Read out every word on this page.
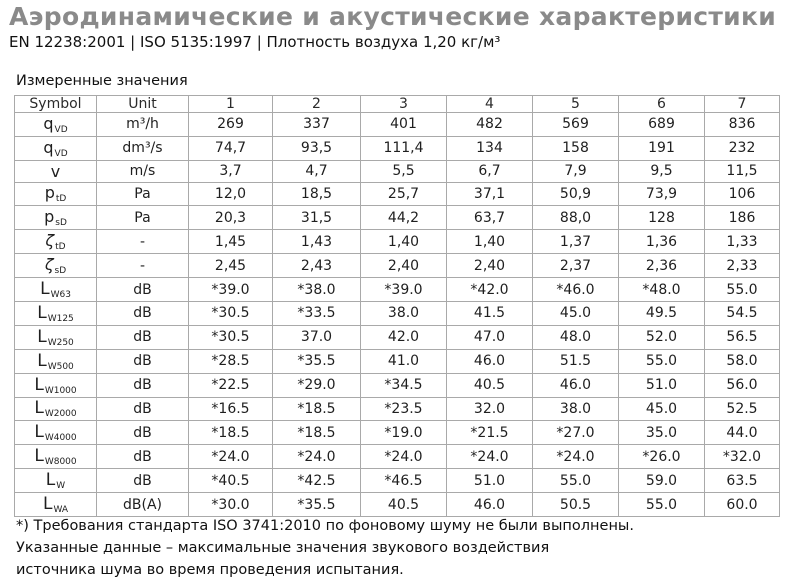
Аэродинамические и акустические характеристики
EN 12238:2001 | ISO 5135:1997 | Плотность воздуха 1,20 кг/м³
Измеренные значения
Symbol	Unit	1	2	3	4	5	6	7
$q_{VD}$	m³/h	269	337	401	482	569	689	836
$q_{VD}$	dm³/s	74,7	93,5	111,4	134	158	191	232
v	m/s	3,7	4,7	5,5	6,7	7,9	9,5	11,5
$p_{tD}$	Pa	12,0	18,5	25,7	37,1	50,9	73,9	106
$p_{sD}$	Pa	20,3	31,5	44,2	63,7	88,0	128	186
$\zeta_{tD}$	-	1,45	1,43	1,40	1,40	1,37	1,36	1,33
$\zeta_{sD}$	-	2,45	2,43	2,40	2,40	2,37	2,36	2,33
$L_{W63}$	dB	*39.0	*38.0	*39.0	*42.0	*46.0	*48.0	55.0
$L_{W125}$	dB	*30.5	*33.5	38.0	41.5	45.0	49.5	54.5
$L_{W250}$	dB	*30.5	37.0	42.0	47.0	48.0	52.0	56.5
$L_{W500}$	dB	*28.5	*35.5	41.0	46.0	51.5	55.0	58.0
$L_{W1000}$	dB	*22.5	*29.0	*34.5	40.5	46.0	51.0	56.0
$L_{W2000}$	dB	*16.5	*18.5	*23.5	32.0	38.0	45.0	52.5
$L_{W4000}$	dB	*18.5	*18.5	*19.0	*21.5	*27.0	35.0	44.0
$L_{W8000}$	dB	*24.0	*24.0	*24.0	*24.0	*24.0	*26.0	*32.0
$L_W$	dB	*40.5	*42.5	*46.5	51.0	55.0	59.0	63.5
$L_{WA}$	dB(A)	*30.0	*35.5	40.5	46.0	50.5	55.0	60.0
*) Требования стандарта ISO 3741:2010 по фоновому шуму не были выполнены.
Указанные данные – максимальные значения звукового воздействия
источника шума во время проведения испытания.
